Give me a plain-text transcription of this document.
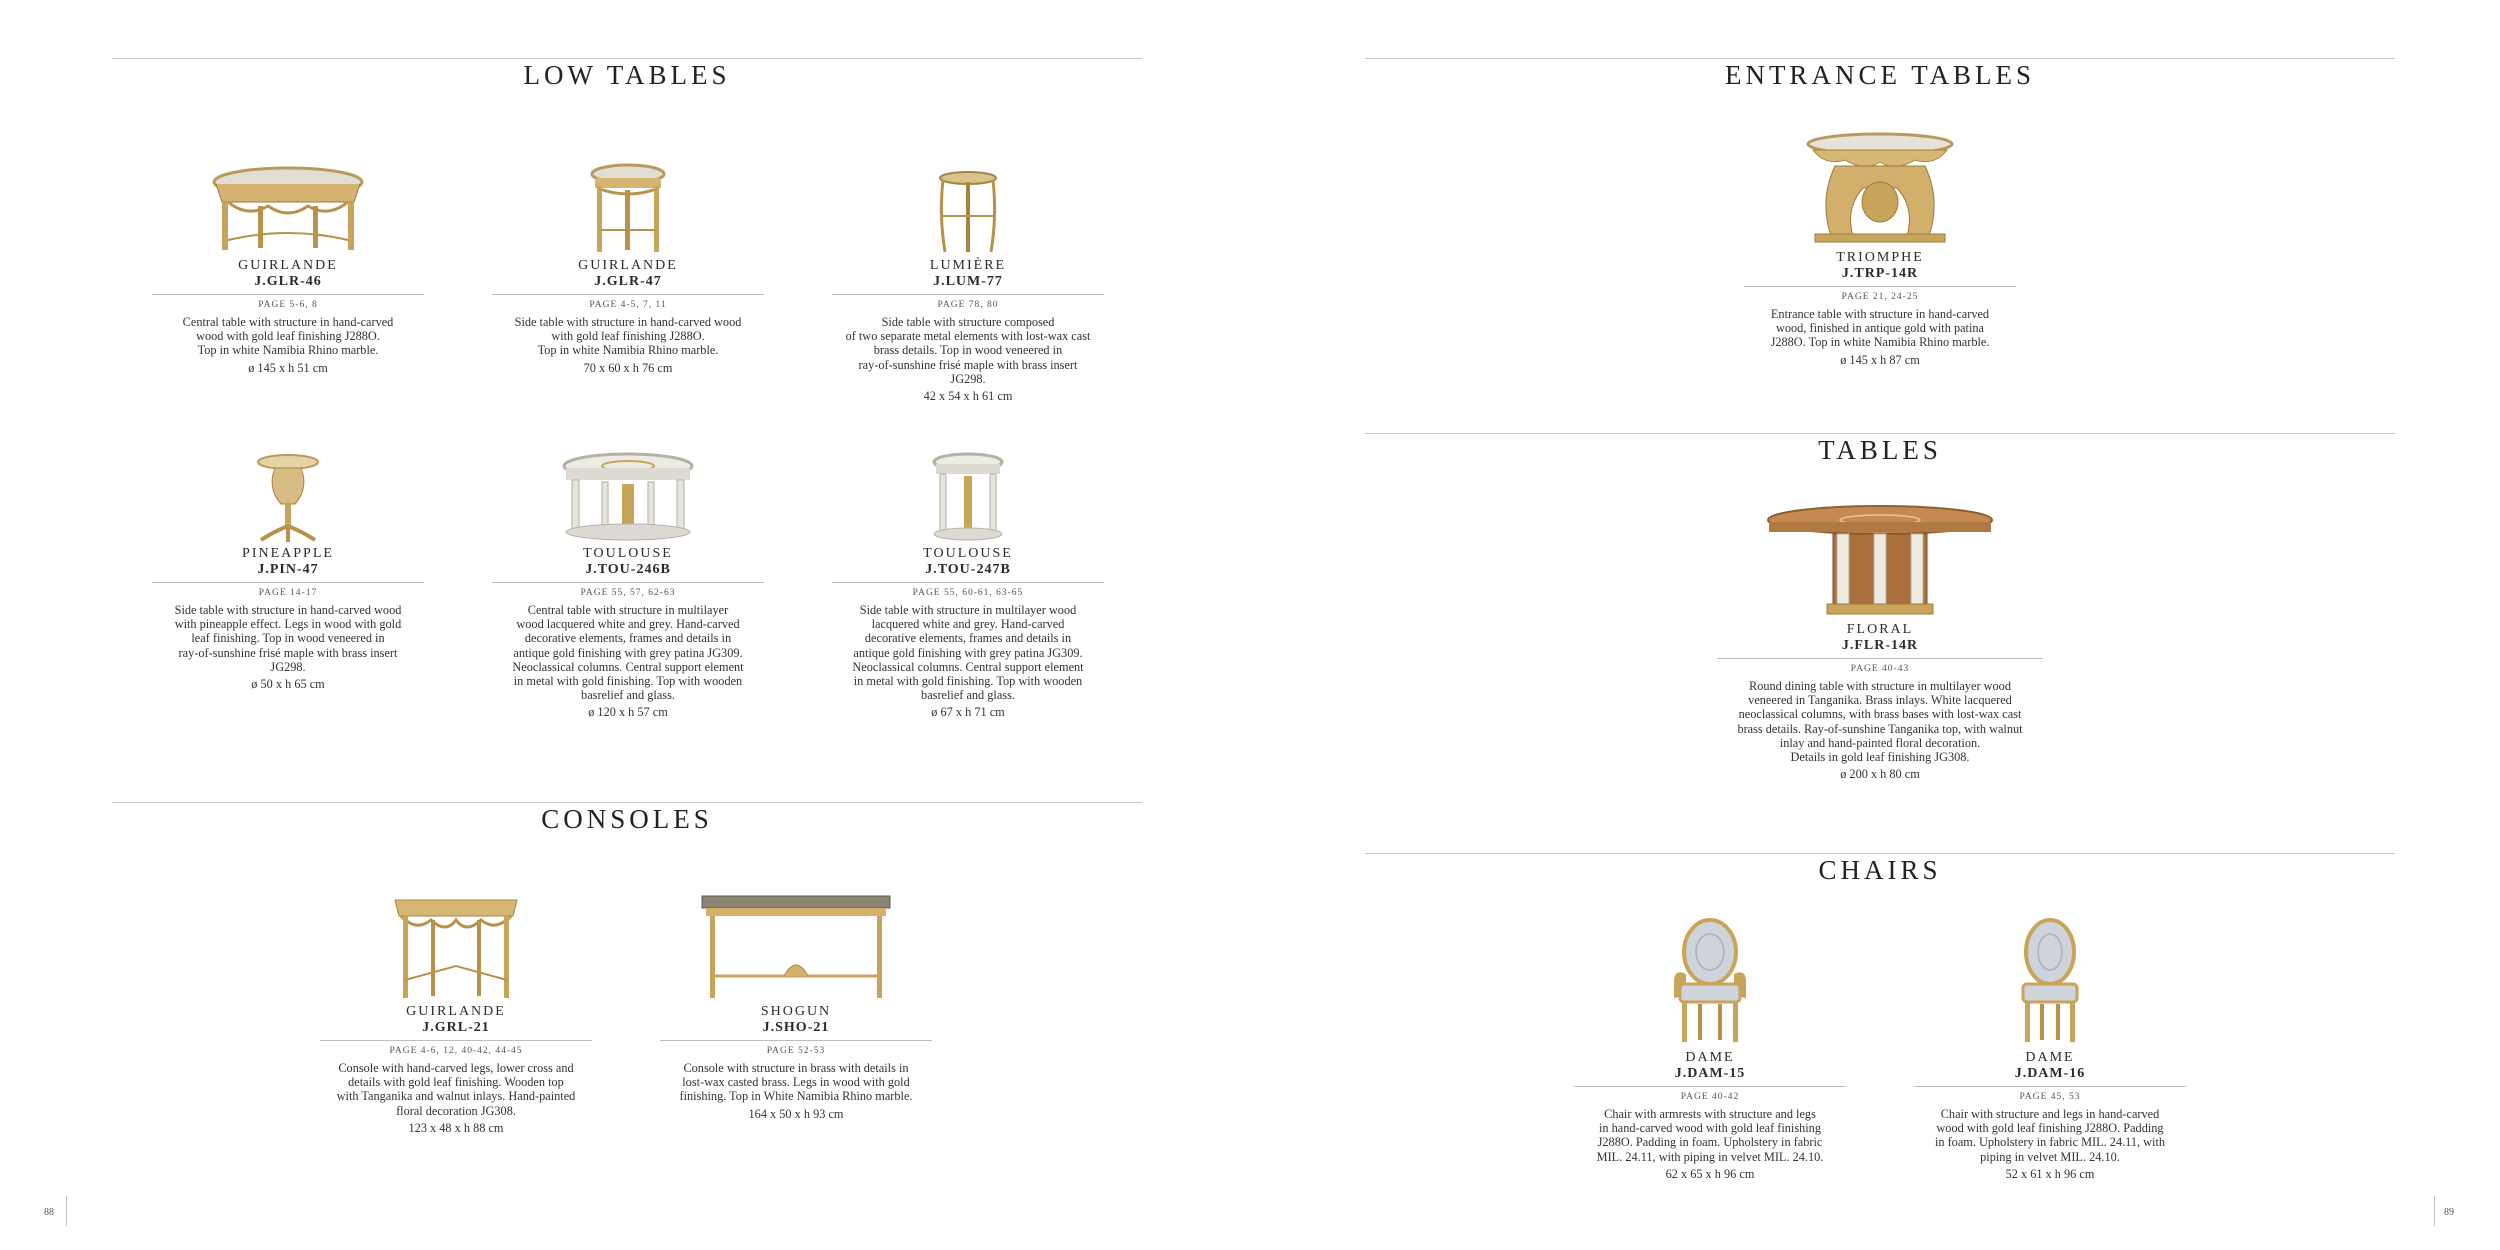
LOW TABLES
GUIRLANDE
J.GLR-46
PAGE 5-6, 8
Central table with structure in hand-carved
wood with gold leaf finishing J288O.
Top in white Namibia Rhino marble.
ø 145 x h 51 cm
GUIRLANDE
J.GLR-47
PAGE 4-5, 7, 11
Side table with structure in hand-carved wood
with gold leaf finishing J288O.
Top in white Namibia Rhino marble.
70 x 60 x h 76 cm
LUMIÈRE
J.LUM-77
PAGE 78, 80
Side table with structure composed
of two separate metal elements with lost-wax cast
brass details. Top in wood veneered in
ray-of-sunshine frisé maple with brass insert
JG298.
42 x 54 x h 61 cm
PINEAPPLE
J.PIN-47
PAGE 14-17
Side table with structure in hand-carved wood
with pineapple effect. Legs in wood with gold
leaf finishing. Top in wood veneered in
ray-of-sunshine frisé maple with brass insert
JG298.
ø 50 x h 65 cm
TOULOUSE
J.TOU-246B
PAGE 55, 57, 62-63
Central table with structure in multilayer
wood lacquered white and grey. Hand-carved
decorative elements, frames and details in
antique gold finishing with grey patina JG309.
Neoclassical columns. Central support element
in metal with gold finishing. Top with wooden
basrelief and glass.
ø 120 x h 57 cm
TOULOUSE
J.TOU-247B
PAGE 55, 60-61, 63-65
Side table with structure in multilayer wood
lacquered white and grey. Hand-carved
decorative elements, frames and details in
antique gold finishing with grey patina JG309.
Neoclassical columns. Central support element
in metal with gold finishing. Top with wooden
basrelief and glass.
ø 67 x h 71 cm
CONSOLES
GUIRLANDE
J.GRL-21
PAGE 4-6, 12, 40-42, 44-45
Console with hand-carved legs, lower cross and
details with gold leaf finishing. Wooden top
with Tanganika and walnut inlays. Hand-painted
floral decoration JG308.
123 x 48 x h 88 cm
SHOGUN
J.SHO-21
PAGE 52-53
Console with structure in brass with details in
lost-wax casted brass. Legs in wood with gold
finishing. Top in White Namibia Rhino marble.
164 x 50 x h 93 cm
88
ENTRANCE TABLES
TRIOMPHE
J.TRP-14R
PAGE 21, 24-25
Entrance table with structure in hand-carved
wood, finished in antique gold with patina
J288O. Top in white Namibia Rhino marble.
ø 145 x h 87 cm
TABLES
FLORAL
J.FLR-14R
PAGE 40-43
Round dining table with structure in multilayer wood
veneered in Tanganika. Brass inlays. White lacquered
neoclassical columns, with brass bases with lost-wax cast
brass details. Ray-of-sunshine Tanganika top, with walnut
inlay and hand-painted floral decoration.
Details in gold leaf finishing JG308.
ø 200 x h 80 cm
CHAIRS
DAME
J.DAM-15
PAGE 40-42
Chair with armrests with structure and legs
in hand-carved wood with gold leaf finishing
J288O. Padding in foam. Upholstery in fabric
MIL. 24.11, with piping in velvet MIL. 24.10.
62 x 65 x h 96 cm
DAME
J.DAM-16
PAGE 45, 53
Chair with structure and legs in hand-carved
wood with gold leaf finishing J288O. Padding
in foam. Upholstery in fabric MIL. 24.11, with
piping in velvet MIL. 24.10.
52 x 61 x h 96 cm
89
